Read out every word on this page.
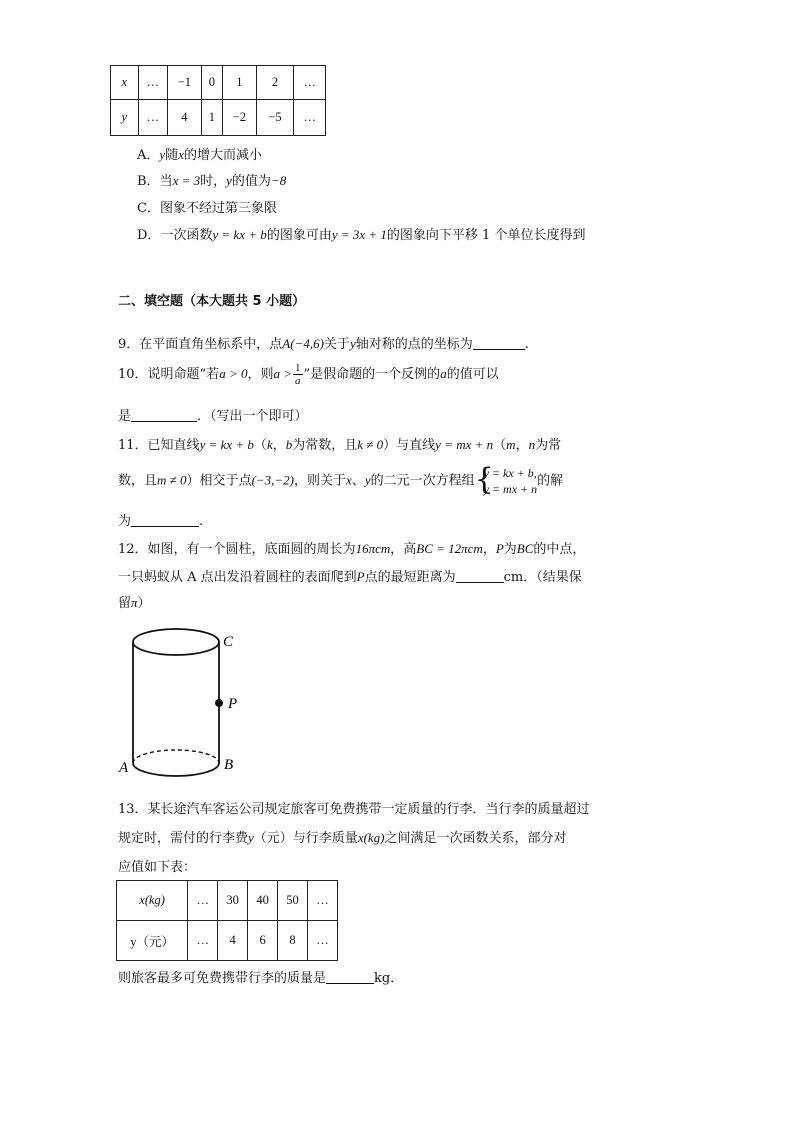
x	…	−1	0	1	2	…
y	…	4	1	−2	−5	…
A．y随x的增大而减小
B．当x = 3时，y的值为−8
C．图象不经过第三象限
D．一次函数y = kx + b的图象可由y = 3x + 1的图象向下平移 1 个单位长度得到
二、填空题（本大题共 5 小题）
9．在平面直角坐标系中，点A(−4,6)关于y轴对称的点的坐标为	.
10．说明命题“若a > 0，则$a > \frac{1}{a}$ ”是假命题的一个反例的a的值可以
是	．（写出一个即可）
11．已知直线y = kx + b（k，b为常数，且k ≠ 0）与直线y = mx + n（m，n为常
数，且m ≠ 0）相交于点(−3,−2)，则关于x、y的二元一次方程组 {
y = kx + b,
y = mx + n
的解
为	.
12．如图，有一个圆柱，底面圆的周长为16πcm，高BC = 12πcm，P为BC的中点，
一只蚂蚁从 A 点出发沿着圆柱的表面爬到P点的最短距离为	cm．（结果保
留π）
C
P
A	B
13．某长途汽车客运公司规定旅客可免费携带一定质量的行李．当行李的质量超过
规定时，需付的行李费y（元）与行李质量x(kg)之间满足一次函数关系，部分对
应值如下表：
x(kg)	…	30	40	50	…
y（元）	…	4	6	8	…
则旅客最多可免费携带行李的质量是	kg．
